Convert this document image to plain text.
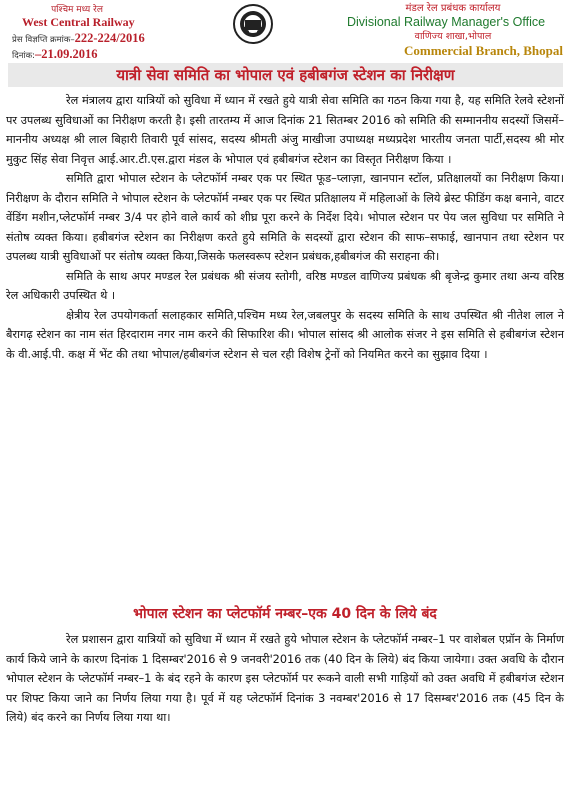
पश्चिम मध्य रेल
West Central Railway
प्रेस विज्ञप्ति क्रमांक–222-224/2016
दिनांक:–21.09.2016
मंडल रेल प्रबंधक कार्यालय
Divisional Railway Manager's Office
वाणिज्य शाखा,भोपाल
Commercial Branch, Bhopal
यात्री सेवा समिति का भोपाल एवं हबीबगंज स्टेशन का निरीक्षण

रेल मंत्रालय द्वारा यात्रियों को सुविधा में ध्यान में रखते हुये यात्री सेवा समिति का गठन किया गया है, यह समिति रेलवे स्टेशनों पर उपलब्ध सुविधाओं का निरीक्षण करती है। इसी तारतम्य में आज दिनांक 21 सितम्बर 2016 को समिति की सम्माननीय सदस्यों जिसमें–माननीय अध्यक्ष श्री लाल बिहारी तिवारी पूर्व सांसद, सदस्य श्रीमती अंजु माखीजा उपाध्यक्ष मध्यप्रदेश भारतीय जनता पार्टी,सदस्य श्री मोर मुकुट सिंह सेवा निवृत्त आई.आर.टी.एस.द्वारा मंडल के भोपाल एवं हबीबगंज स्टेशन का विस्तृत निरीक्षण किया ।

समिति द्वारा भोपाल स्टेशन के प्लेटफॉर्म नम्बर एक पर स्थित फूड–प्लाज़ा, खानपान स्टॉल, प्रतिक्षालयों का निरीक्षण किया। निरीक्षण के दौरान समिति ने भोपाल स्टेशन के प्लेटफॉर्म नम्बर एक पर स्थित प्रतिक्षालय में महिलाओं के लिये ब्रेस्ट फीडिंग कक्ष बनाने, वाटर वेंडिंग मशीन,प्लेटफॉर्म नम्बर 3/4 पर होने वाले कार्य को शीघ्र पूरा करने के निर्देश दिये। भोपाल स्टेशन पर पेय जल सुविधा पर समिति ने संतोष व्यक्त किया। हबीबगंज स्टेशन का निरीक्षण करते हुये समिति के सदस्यों द्वारा स्टेशन की साफ–सफाई, खानपान तथा स्टेशन पर उपलब्ध यात्री सुविधाओं पर संतोष व्यक्त किया,जिसके फलस्वरूप स्टेशन प्रबंधक,हबीबगंज की सराहना की।

समिति के साथ अपर मण्डल रेल प्रबंधक श्री संजय स्तोगी, वरिष्ठ मण्डल वाणिज्य प्रबंधक श्री बृजेन्द्र कुमार तथा अन्य वरिष्ठ रेल अधिकारी उपस्थित थे ।

क्षेत्रीय रेल उपयोगकर्ता सलाहकार समिति,पश्चिम मध्य रेल,जबलपुर के सदस्य समिति के साथ उपस्थित श्री नीतेश लाल ने बैरागढ़ स्टेशन का नाम संत हिरदाराम नगर नाम करने की सिफारिश की। भोपाल सांसद श्री आलोक संजर ने इस समिति से हबीबगंज स्टेशन के वी.आई.पी. कक्ष में भेंट की तथा भोपाल/हबीबगंज स्टेशन से चल रही विशेष ट्रेनों को नियमित करने का सुझाव दिया ।

भोपाल स्टेशन का प्लेटफॉर्म नम्बर–एक 40 दिन के लिये बंद

रेल प्रशासन द्वारा यात्रियों को सुविधा में ध्यान में रखते हुये भोपाल स्टेशन के प्लेटफॉर्म नम्बर–1 पर वाशेबल एप्रॉन के निर्माण कार्य किये जाने के कारण दिनांक 1 दिसम्बर'2016 से 9 जनवरी'2016 तक (40 दिन के लिये) बंद किया जायेगा। उक्त अवधि के दौरान भोपाल स्टेशन के प्लेटफॉर्म नम्बर–1 के बंद रहने के कारण इस प्लेटफॉर्म पर रूकने वाली सभी गाड़ियों को उक्त अवधि में हबीबगंज स्टेशन पर शिफ्ट किया जाने का निर्णय लिया गया है। पूर्व में यह प्लेटफॉर्म दिनांक 3 नवम्बर'2016 से 17 दिसम्बर'2016 तक (45 दिन के लिये) बंद करने का निर्णय लिया गया था।
